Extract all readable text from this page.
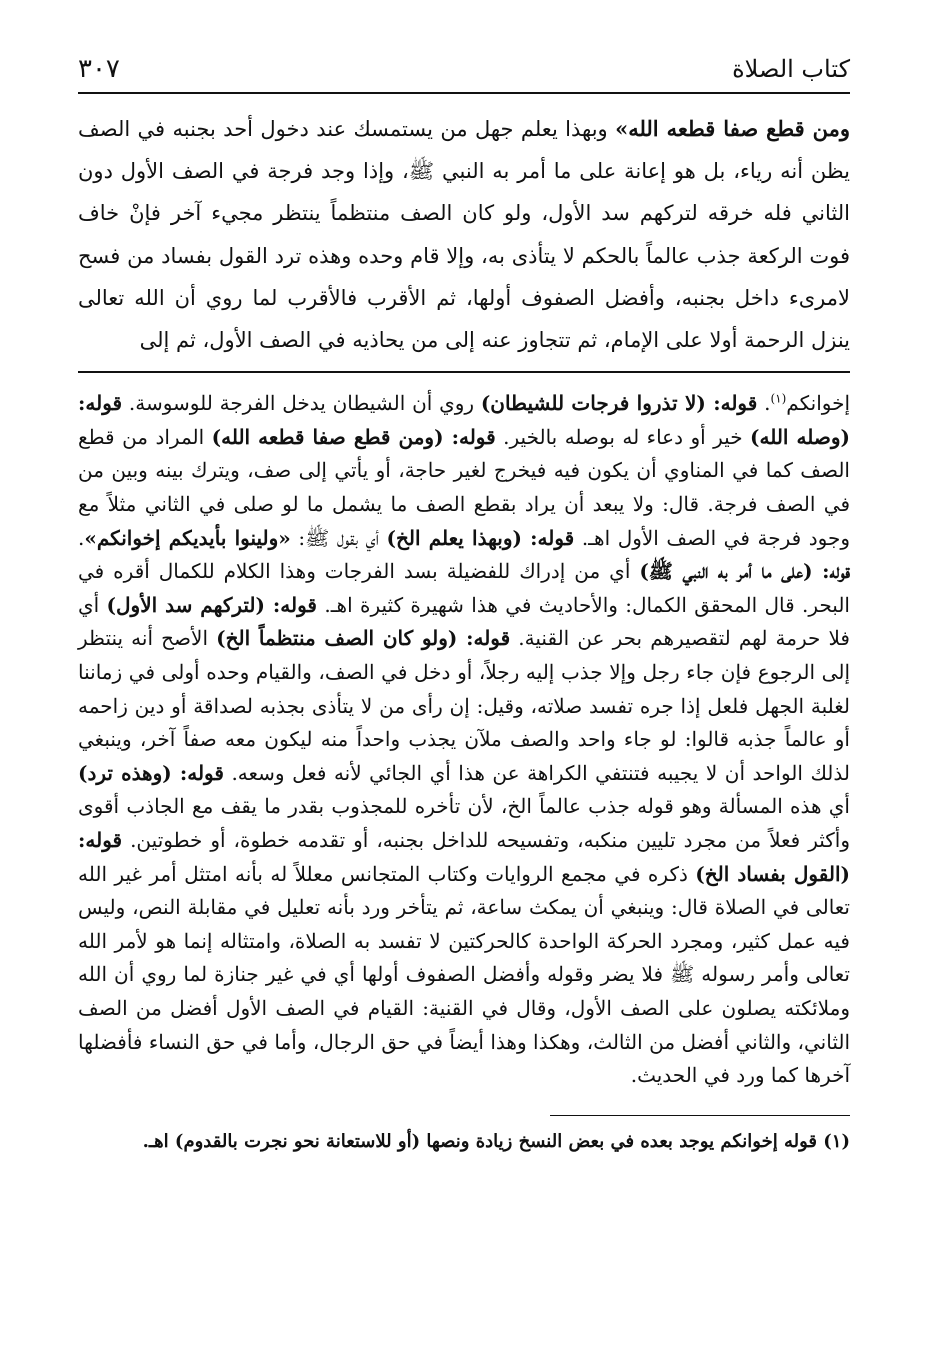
كتاب الصلاة
٣٠٧
ومن قطع صفا قطعه الله» وبهذا يعلم جهل من يستمسك عند دخول أحد بجنبه في الصف يظن أنه رياء، بل هو إعانة على ما أمر به النبي ﷺ، وإذا وجد فرجة في الصف الأول دون الثاني فله خرقه لتركهم سد الأول، ولو كان الصف منتظماً ينتظر مجيء آخر فإنْ خاف فوت الركعة جذب عالماً بالحكم لا يتأذى به، وإلا قام وحده وهذه ترد القول بفساد من فسح لامرىء داخل بجنبه، وأفضل الصفوف أولها، ثم الأقرب فالأقرب لما روي أن الله تعالى ينزل الرحمة أولا على الإمام، ثم تتجاوز عنه إلى من يحاذيه في الصف الأول، ثم إلى
إخوانكم$^{(١)}$. قوله: (لا تذروا فرجات للشيطان) روي أن الشيطان يدخل الفرجة للوسوسة. قوله: (وصله الله) خير أو دعاء له بوصله بالخير. قوله: (ومن قطع صفا قطعه الله) المراد من قطع الصف كما في المناوي أن يكون فيه فيخرج لغير حاجة، أو يأتي إلى صف، ويترك بينه وبين من في الصف فرجة. قال: ولا يبعد أن يراد بقطع الصف ما يشمل ما لو صلى في الثاني مثلاً مع وجود فرجة في الصف الأول اهـ. قوله: (وبهذا يعلم الخ) أي بقول ﷺ: «ولينوا بأيديكم إخوانكم». قوله: (على ما أمر به النبي ﷺ) أي من إدراك للفضيلة بسد الفرجات وهذا الكلام للكمال أقره في البحر. قال المحقق الكمال: والأحاديث في هذا شهيرة كثيرة اهـ. قوله: (لتركهم سد الأول) أي فلا حرمة لهم لتقصيرهم بحر عن القنية. قوله: (ولو كان الصف منتظماً الخ) الأصح أنه ينتظر إلى الرجوع فإن جاء رجل وإلا جذب إليه رجلاً، أو دخل في الصف، والقيام وحده أولى في زماننا لغلبة الجهل فلعل إذا جره تفسد صلاته، وقيل: إن رأى من لا يتأذى بجذبه لصداقة أو دين زاحمه أو عالماً جذبه قالوا: لو جاء واحد والصف ملآن يجذب واحداً منه ليكون معه صفاً آخر، وينبغي لذلك الواحد أن لا يجيبه فتنتفي الكراهة عن هذا أي الجائي لأنه فعل وسعه. قوله: (وهذه ترد) أي هذه المسألة وهو قوله جذب عالماً الخ، لأن تأخره للمجذوب بقدر ما يقف مع الجاذب أقوى وأكثر فعلاً من مجرد تليين منكبه، وتفسيحه للداخل بجنبه، أو تقدمه خطوة، أو خطوتين. قوله: (القول بفساد الخ) ذكره في مجمع الروايات وكتاب المتجانس معللاً له بأنه امتثل أمر غير الله تعالى في الصلاة قال: وينبغي أن يمكث ساعة، ثم يتأخر ورد بأنه تعليل في مقابلة النص، وليس فيه عمل كثير، ومجرد الحركة الواحدة كالحركتين لا تفسد به الصلاة، وامتثاله إنما هو لأمر الله تعالى وأمر رسوله ﷺ فلا يضر وقوله وأفضل الصفوف أولها أي في غير جنازة لما روي أن الله وملائكته يصلون على الصف الأول، وقال في القنية: القيام في الصف الأول أفضل من الصف الثاني، والثاني أفضل من الثالث، وهكذا وهذا أيضاً في حق الرجال، وأما في حق النساء فأفضلها آخرها كما ورد في الحديث.
(١) قوله إخوانكم يوجد بعده في بعض النسخ زيادة ونصها (أو للاستعانة نحو نجرت بالقدوم) اهـ.
